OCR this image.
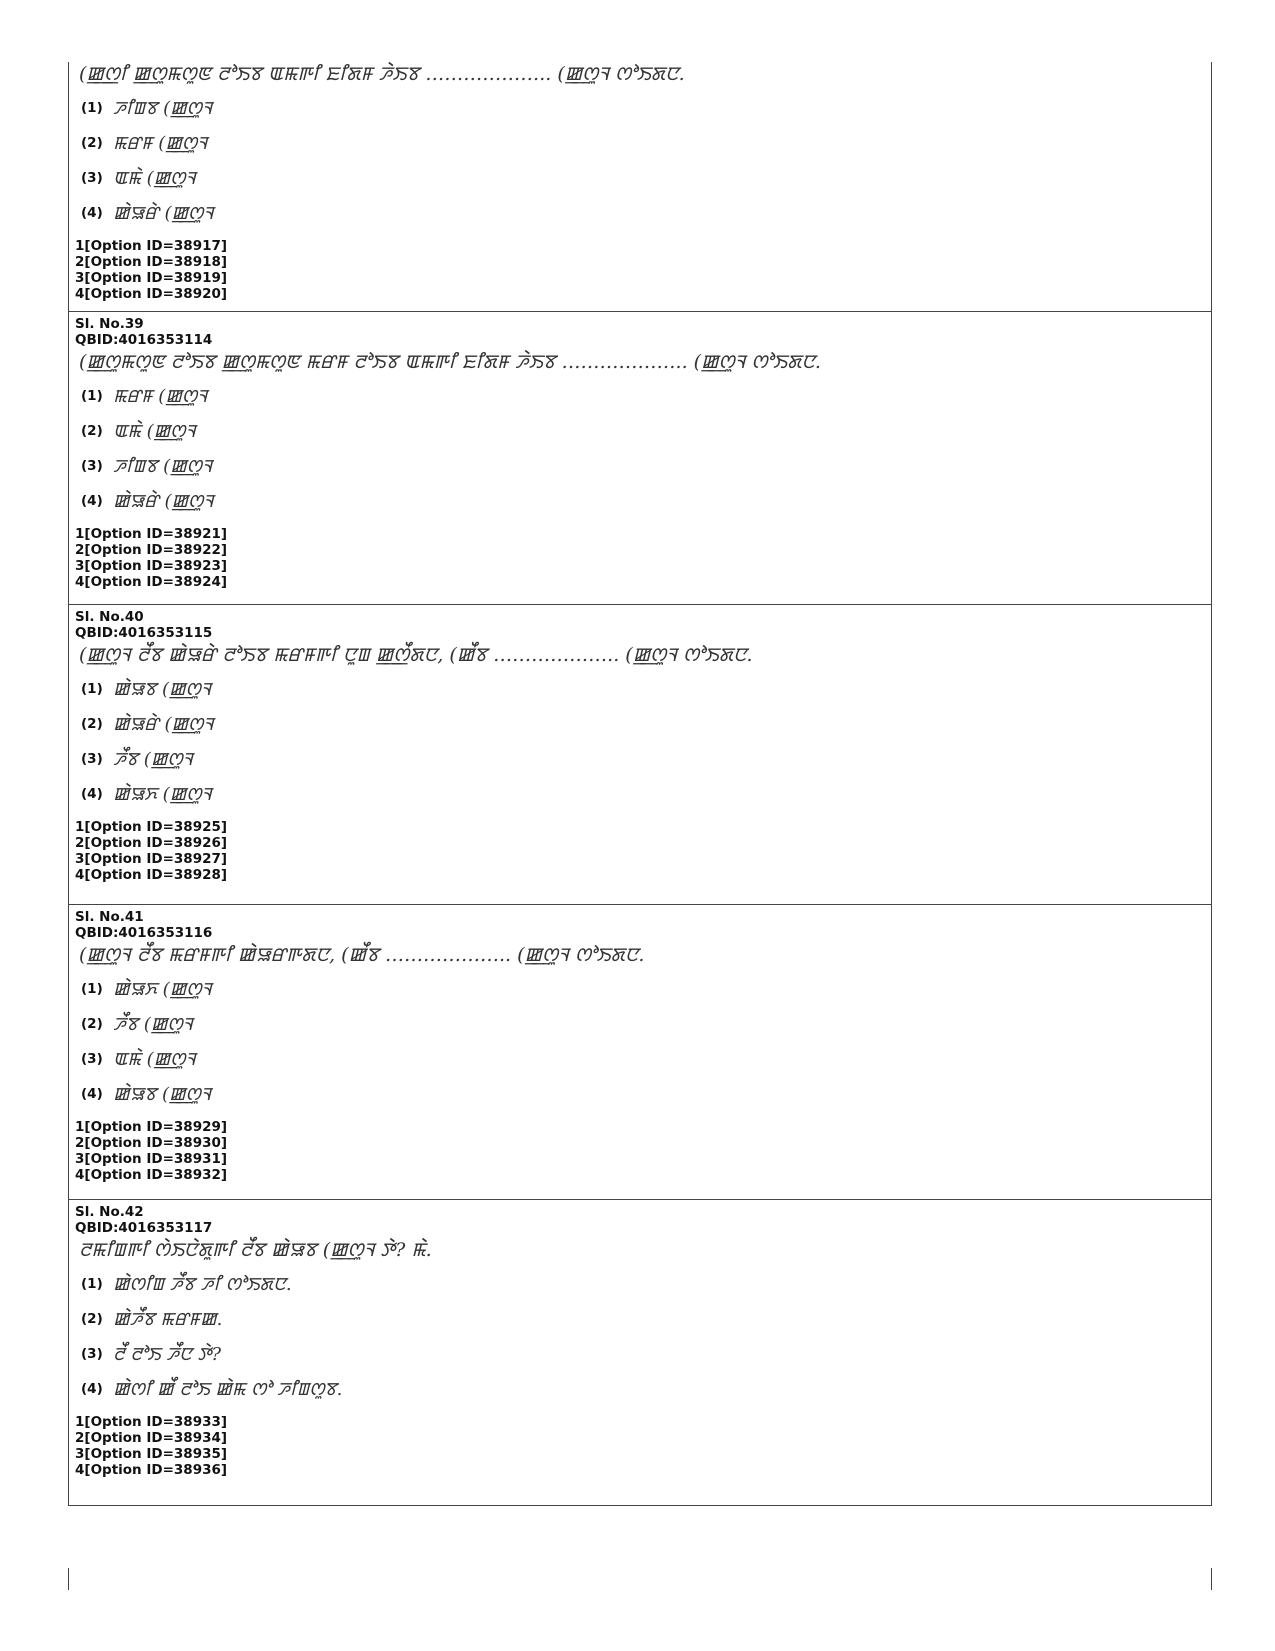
(ꯀ꯭ꯁꯤ ꯀ꯭ꯁꯨꯃꯁꯨꯟ ꯂꯣꯏꯕ ꯑꯃꯒꯤ ꯐꯤꯗꯝ ꯍꯥꯏꯕ ……………….. (ꯀ꯭ꯁꯨꯜ ꯁꯣꯏꯗꯅ.
(1) ꯍꯤꯡꯕ (ꯀ꯭ꯁꯨꯜ
(2) ꯃꯔꯝ (ꯀ꯭ꯁꯨꯜ
(3) ꯑꯃꯥ (ꯀ꯭ꯁꯨꯜ
(4) ꯀꯥꯎꯔꯥ (ꯀ꯭ꯁꯨꯜ
1[Option ID=38917]
2[Option ID=38918]
3[Option ID=38919]
4[Option ID=38920]
Sl. No.39
QBID:4016353114
(ꯀ꯭ꯁꯨꯃꯁꯨꯟ ꯂꯣꯏꯕ ꯀ꯭ꯁꯨꯃꯁꯨꯟ ꯃꯔꯝ ꯂꯣꯏꯕ ꯑꯃꯒꯤ ꯐꯤꯗꯝ ꯍꯥꯏꯕ ……………….. (ꯀ꯭ꯁꯨꯜ ꯁꯣꯏꯗꯅ.
(1) ꯃꯔꯝ (ꯀ꯭ꯁꯨꯜ
(2) ꯑꯃꯥ (ꯀ꯭ꯁꯨꯜ
(3) ꯍꯤꯡꯕ (ꯀ꯭ꯁꯨꯜ
(4) ꯀꯥꯎꯔꯥ (ꯀ꯭ꯁꯨꯜ
1[Option ID=38921]
2[Option ID=38922]
3[Option ID=38923]
4[Option ID=38924]
Sl. No.40
QBID:4016353115
(ꯀ꯭ꯁꯨꯜ ꯂꯩꯕ ꯀꯥꯎꯔꯥ ꯂꯣꯏꯕ ꯃꯔꯝꯒꯤ ꯅꯨꯡ ꯀ꯭ꯁꯩꯗꯅ, (ꯀꯩꯕ ……………….. (ꯀ꯭ꯁꯨꯜ ꯁꯣꯏꯗꯅ.
(1) ꯀꯥꯎꯕ (ꯀ꯭ꯁꯨꯜ
(2) ꯀꯥꯎꯔꯥ (ꯀ꯭ꯁꯨꯜ
(3) ꯍꯩꯕ (ꯀ꯭ꯁꯨꯜ
(4) ꯀꯥꯎꯈ (ꯀ꯭ꯁꯨꯜ
1[Option ID=38925]
2[Option ID=38926]
3[Option ID=38927]
4[Option ID=38928]
Sl. No.41
QBID:4016353116
(ꯀ꯭ꯁꯨꯜ ꯂꯩꯕ ꯃꯔꯝꯒꯤ ꯀꯥꯎꯔꯒꯗꯅ, (ꯀꯩꯕ ……………….. (ꯀ꯭ꯁꯨꯜ ꯁꯣꯏꯗꯅ.
(1) ꯀꯥꯎꯈ (ꯀ꯭ꯁꯨꯜ
(2) ꯍꯩꯕ (ꯀ꯭ꯁꯨꯜ
(3) ꯑꯃꯥ (ꯀ꯭ꯁꯨꯜ
(4) ꯀꯥꯎꯕ (ꯀ꯭ꯁꯨꯜ
1[Option ID=38929]
2[Option ID=38930]
3[Option ID=38931]
4[Option ID=38932]
Sl. No.42
QBID:4016353117
ꯂꯃꯤꯡꯒꯤ ꯁꯥꯏꯅꯥꯗꯨꯒꯤ ꯂꯩꯕ ꯀꯥꯎꯕ (ꯀ꯭ꯁꯨꯜ ꯇꯥ? ꯃꯥ.
(1) ꯀꯥꯁꯤꯡ ꯍꯩꯕ ꯍꯤ ꯁꯣꯏꯗꯅ.
(2) ꯀꯥꯍꯩꯕ ꯃꯔꯝꯀ.
(3) ꯂꯩ ꯂꯣꯏ ꯍꯩꯅ ꯇꯥ?
(4) ꯀꯥꯁꯤ ꯀꯩ ꯂꯣꯏ ꯀꯥꯃ ꯁꯣ ꯍꯤꯡꯁꯨꯕ.
1[Option ID=38933]
2[Option ID=38934]
3[Option ID=38935]
4[Option ID=38936]
